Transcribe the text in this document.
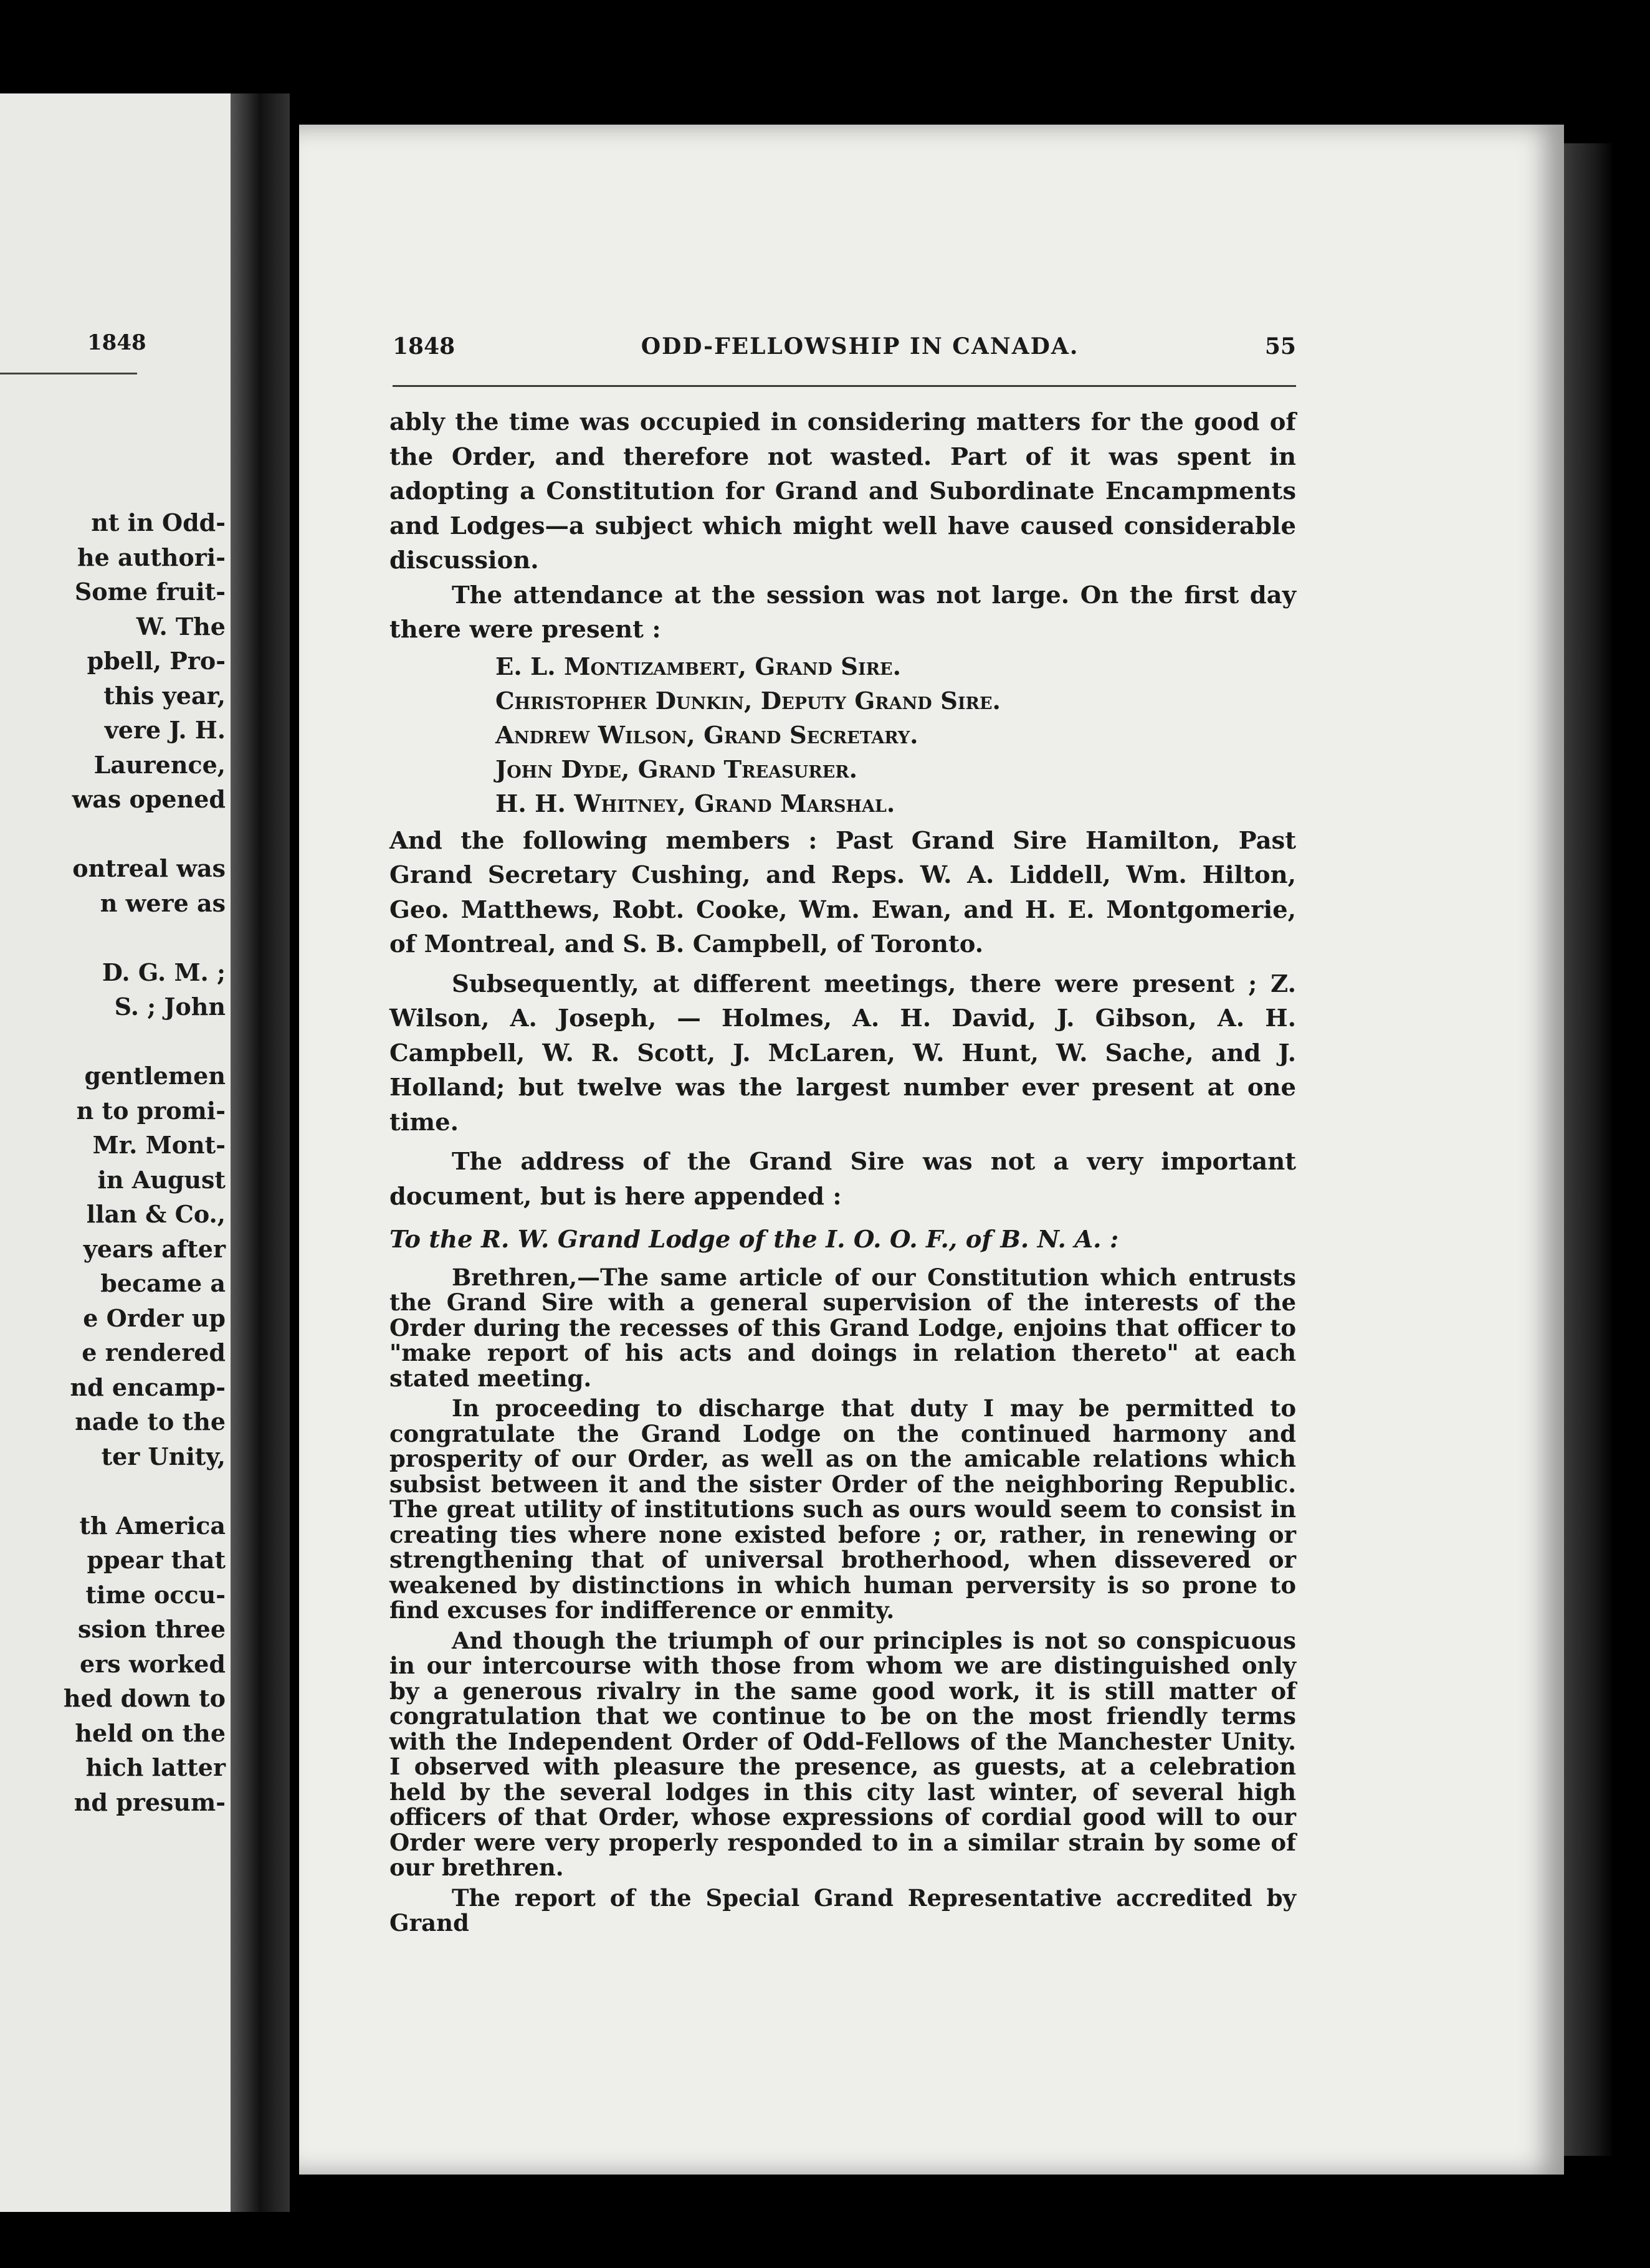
1848
nt in Odd-
he authori-
Some fruit-
W. The
pbell, Pro-
this year,
vere J. H.
Laurence,
was opened
ontreal was
n were as
D. G. M. ;
S. ; John
gentlemen
n to promi-
Mr. Mont-
in August
llan & Co.,
years after
became a
e Order up
e rendered
nd encamp-
nade to the
ter Unity,
th America
ppear that
time occu-
ssion three
ers worked
hed down to
held on the
hich latter
nd presum-
1848	ODD-FELLOWSHIP IN CANADA.	55

ably the time was occupied in considering matters for the good of the Order, and therefore not wasted. Part of it was spent in adopting a Constitution for Grand and Subordinate Encampments and Lodges—a subject which might well have caused considerable discussion.

The attendance at the session was not large. On the first day there were present :

E. L. Montizambert, Grand Sire.
Christopher Dunkin, Deputy Grand Sire.
Andrew Wilson, Grand Secretary.
John Dyde, Grand Treasurer.
H. H. Whitney, Grand Marshal.

And the following members : Past Grand Sire Hamilton, Past Grand Secretary Cushing, and Reps. W. A. Liddell, Wm. Hilton, Geo. Matthews, Robt. Cooke, Wm. Ewan, and H. E. Montgomerie, of Montreal, and S. B. Campbell, of Toronto.

Subsequently, at different meetings, there were present ; Z. Wilson, A. Joseph, — Holmes, A. H. David, J. Gibson, A. H. Campbell, W. R. Scott, J. McLaren, W. Hunt, W. Sache, and J. Holland; but twelve was the largest number ever present at one time.

The address of the Grand Sire was not a very important document, but is here appended :

To the R. W. Grand Lodge of the I. O. O. F., of B. N. A. :

Brethren,—The same article of our Constitution which entrusts the Grand Sire with a general supervision of the interests of the Order during the recesses of this Grand Lodge, enjoins that officer to "make report of his acts and doings in relation thereto" at each stated meeting.

In proceeding to discharge that duty I may be permitted to congratulate the Grand Lodge on the continued harmony and prosperity of our Order, as well as on the amicable relations which subsist between it and the sister Order of the neighboring Republic. The great utility of institutions such as ours would seem to consist in creating ties where none existed before ; or, rather, in renewing or strengthening that of universal brotherhood, when dissevered or weakened by distinctions in which human perversity is so prone to find excuses for indifference or enmity.

And though the triumph of our principles is not so conspicuous in our intercourse with those from whom we are distinguished only by a generous rivalry in the same good work, it is still matter of congratulation that we continue to be on the most friendly terms with the Independent Order of Odd-Fellows of the Manchester Unity. I observed with pleasure the presence, as guests, at a celebration held by the several lodges in this city last winter, of several high officers of that Order, whose expressions of cordial good will to our Order were very properly responded to in a similar strain by some of our brethren.

The report of the Special Grand Representative accredited by Grand
